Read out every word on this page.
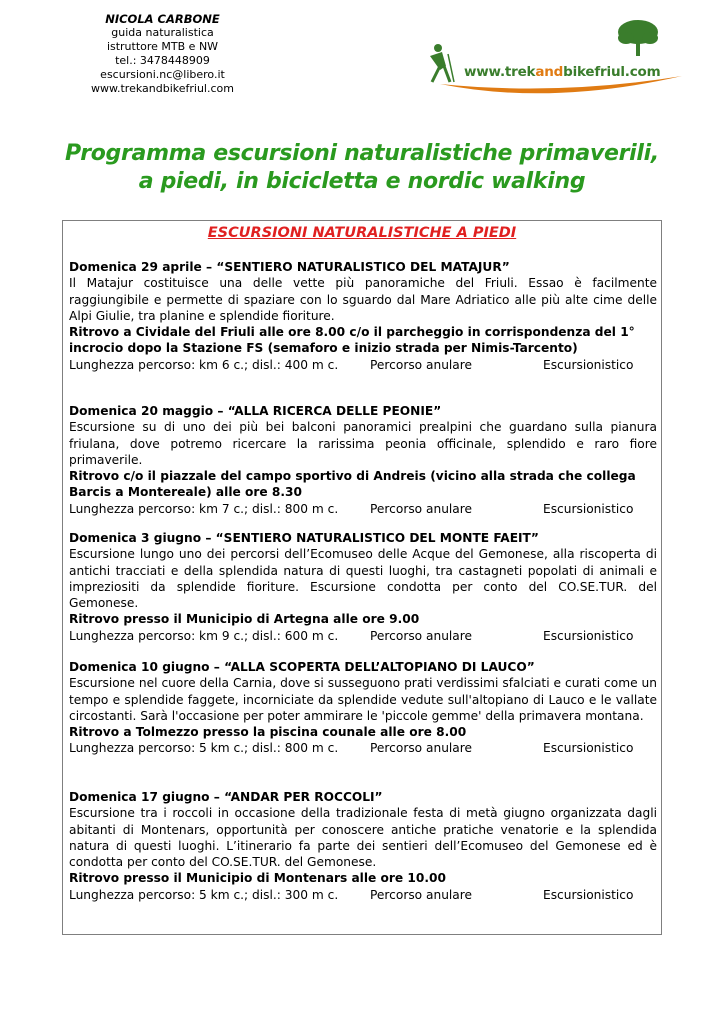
NICOLA CARBONE
guida naturalistica
istruttore MTB e NW
tel.: 3478448909
escursioni.nc@libero.it
www.trekandbikefriul.com
www.trekandbikefriul.com
Programma escursioni naturalistiche primaverili,
a piedi, in bicicletta e nordic walking
ESCURSIONI NATURALISTICHE A PIEDI
Domenica 29 aprile – “SENTIERO NATURALISTICO DEL MATAJUR”
Il Matajur costituisce una delle vette più panoramiche del Friuli. Essao è facilmente raggiungibile e permette di spaziare con lo sguardo dal Mare Adriatico alle più alte cime delle Alpi Giulie, tra planine e splendide fioriture.
Ritrovo a Cividale del Friuli alle ore 8.00 c/o il parcheggio in corrispondenza del 1° incrocio dopo la Stazione FS (semaforo e inizio strada per Nimis-Tarcento)
Lunghezza percorso: km 6 c.; disl.: 400 m c.	Percorso anulare	Escursionistico
Domenica 20 maggio – “ALLA RICERCA DELLE PEONIE”
Escursione su di uno dei più bei balconi panoramici prealpini che guardano sulla pianura friulana, dove potremo ricercare la rarissima peonia officinale, splendido e raro fiore primaverile.
Ritrovo c/o il piazzale del campo sportivo di Andreis (vicino alla strada che collega Barcis a Montereale) alle ore 8.30
Lunghezza percorso: km 7 c.; disl.: 800 m c.	Percorso anulare	Escursionistico
Domenica 3 giugno – “SENTIERO NATURALISTICO DEL MONTE FAEIT”
Escursione lungo uno dei percorsi dell’Ecomuseo delle Acque del Gemonese, alla riscoperta di antichi tracciati e della splendida natura di questi luoghi, tra castagneti popolati di animali e impreziositi da splendide fioriture. Escursione condotta per conto del CO.SE.TUR. del Gemonese.
Ritrovo presso il Municipio di Artegna alle ore 9.00
Lunghezza percorso: km 9 c.; disl.: 600 m c.	Percorso anulare	Escursionistico
Domenica 10 giugno – “ALLA SCOPERTA DELL’ALTOPIANO DI LAUCO”
Escursione nel cuore della Carnia, dove si susseguono prati verdissimi sfalciati e curati come un tempo e splendide faggete, incorniciate da splendide vedute sull'altopiano di Lauco e le vallate circostanti. Sarà l'occasione per poter ammirare le 'piccole gemme' della primavera montana.
Ritrovo a Tolmezzo presso la piscina counale alle ore 8.00
Lunghezza percorso: 5 km c.; disl.: 800 m c.	Percorso anulare	Escursionistico
Domenica 17 giugno – “ANDAR PER ROCCOLI”
Escursione tra i roccoli in occasione della tradizionale festa di metà giugno organizzata dagli abitanti di Montenars, opportunità per conoscere antiche pratiche venatorie e la splendida natura di questi luoghi. L’itinerario fa parte dei sentieri dell’Ecomuseo del Gemonese ed è condotta per conto del CO.SE.TUR. del Gemonese.
Ritrovo presso il Municipio di Montenars alle ore 10.00
Lunghezza percorso: 5 km c.; disl.: 300 m c.	Percorso anulare	Escursionistico
